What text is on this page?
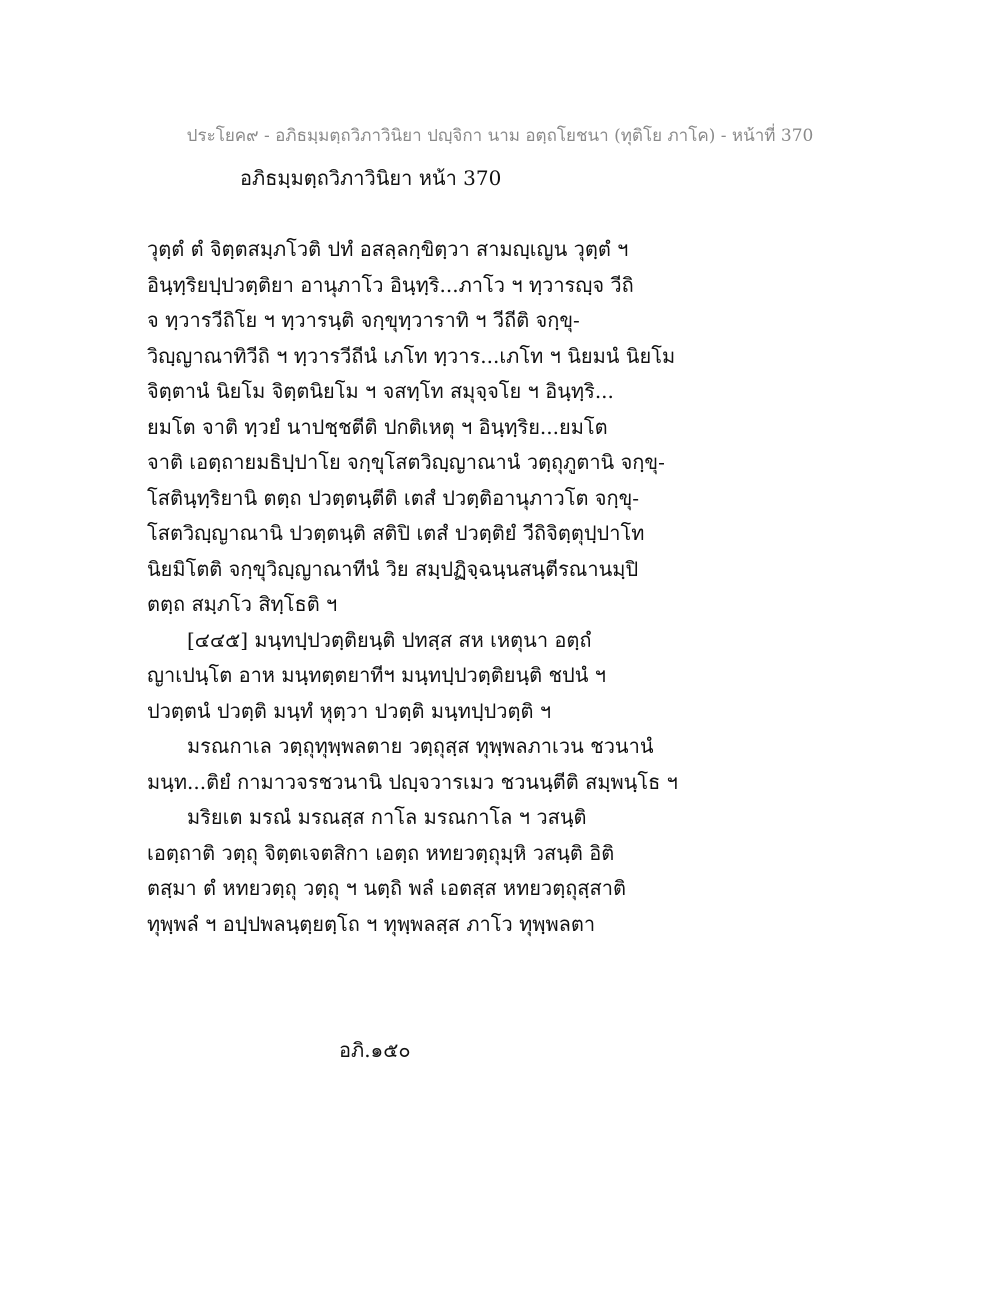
ประโยค๙ - อภิธมฺมตฺถวิภาวินิยา ปญฺจิกา นาม อตฺถโยชนา (ทุติโย ภาโค) - หน้าที่ 370
อภิธมฺมตฺถวิภาวินิยา หน้า 370
วุตฺตํ ตํ จิตฺตสมฺภโวติ ปทํ อสลฺลกฺขิตฺวา สามญฺเญน วุตฺตํ ฯ
อินฺทฺริยปฺปวตฺติยา อานุภาโว อินฺทฺริ...ภาโว ฯ ทฺวารญฺจ วีถิ
จ ทฺวารวีถิโย ฯ ทฺวารนฺติ จกฺขุทฺวาราทิ ฯ วีถีติ จกฺขุ-
วิญฺญาณาทิวีถิ ฯ ทฺวารวีถีนํ เภโท ทฺวาร...เภโท ฯ นิยมนํ นิยโม
จิตฺตานํ นิยโม จิตฺตนิยโม ฯ จสทฺโท สมุจฺจโย ฯ อินฺทฺริ...
ยมโต จาติ ทฺวยํ นาปชฺชตีติ ปกติเหตุ ฯ อินฺทฺริย...ยมโต
จาติ เอตฺถายมธิปฺปาโย จกฺขุโสตวิญฺญาณานํ วตฺถุภูตานิ จกฺขุ-
โสตินฺทฺริยานิ ตตฺถ ปวตฺตนฺตีติ เตสํ ปวตฺติอานุภาวโต จกฺขุ-
โสตวิญฺญาณานิ ปวตฺตนฺติ สติปิ เตสํ ปวตฺติยํ วีถิจิตฺตุปฺปาโท
นิยมิโตติ จกฺขุวิญฺญาณาทีนํ วิย สมฺปฏิจฺฉนฺนสนฺตีรณานมฺปิ
ตตฺถ สมฺภโว สิทฺโธติ ฯ
[๔๔๕] มนฺทปฺปวตฺติยนฺติ ปทสฺส สห เหตุนา อตฺถํ
ญาเปนฺโต อาห มนฺทตฺตยาทีฯ มนฺทปฺปวตฺติยนฺติ ชปนํ ฯ
ปวตฺตนํ ปวตฺติ มนฺทํ หุตฺวา ปวตฺติ มนฺทปฺปวตฺติ ฯ
มรณกาเล วตฺถุทุพฺพลตาย วตฺถุสฺส ทุพฺพลภาเวน ชวนานํ
มนฺท...ติยํ กามาวจรชวนานิ ปญฺจวารเมว ชวนนฺตีติ สมฺพนฺโธ ฯ
มริยเต มรณํ มรณสฺส กาโล มรณกาโล ฯ วสนฺติ
เอตฺถาติ วตฺถุ จิตฺตเจตสิกา เอตฺถ หทยวตฺถุมฺหิ วสนฺติ อิติ
ตสฺมา ตํ หทยวตฺถุ วตฺถุ ฯ นตฺถิ พลํ เอตสฺส หทยวตฺถุสฺสาติ
ทุพฺพลํ ฯ อปฺปพลนฺตฺยตฺโถ ฯ ทุพฺพลสฺส ภาโว ทุพฺพลตา
อภิ.๑๕๐
